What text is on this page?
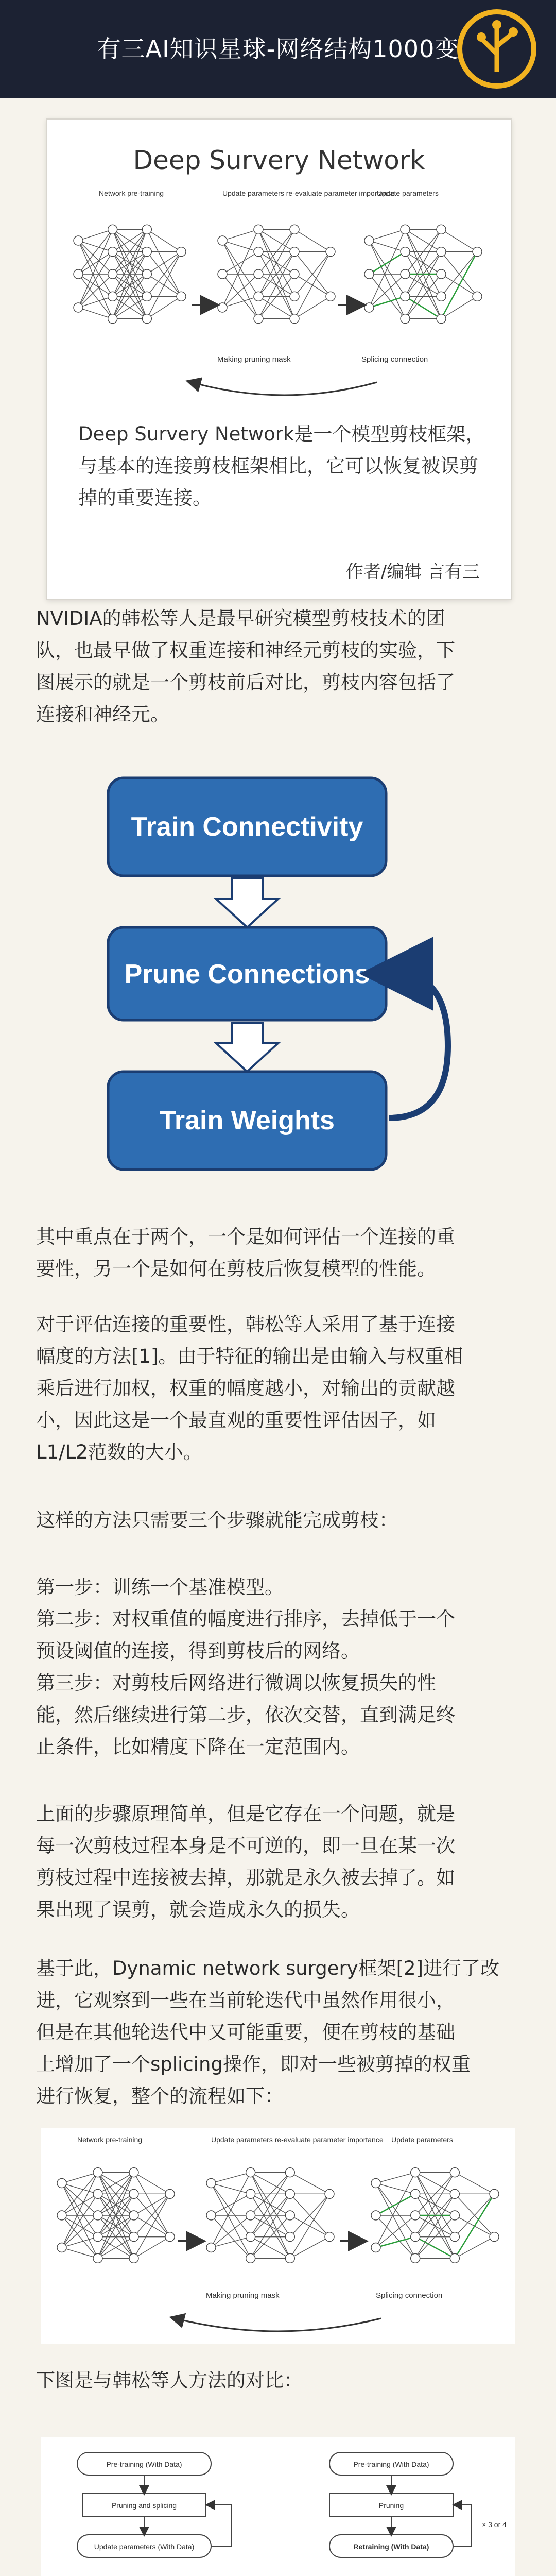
有三AI知识星球-网络结构1000变
Deep Survery Network
Network pre-training	Update parameters re-evaluate parameter importance
Update parameters
Making pruning mask	Splicing connection
Deep Survery Network是一个模型剪枝框架，
与基本的连接剪枝框架相比，它可以恢复被误剪
掉的重要连接。
作者/编辑 言有三
NVIDIA的韩松等人是最早研究模型剪枝技术的团
队，也最早做了权重连接和神经元剪枝的实验，下
图展示的就是一个剪枝前后对比，剪枝内容包括了
连接和神经元。
Train Connectivity
Prune Connections
Train Weights
其中重点在于两个，一个是如何评估一个连接的重
要性，另一个是如何在剪枝后恢复模型的性能。
对于评估连接的重要性，韩松等人采用了基于连接
幅度的方法[1]。由于特征的输出是由输入与权重相
乘后进行加权，权重的幅度越小，对输出的贡献越
小，因此这是一个最直观的重要性评估因子，如
L1/L2范数的大小。
这样的方法只需要三个步骤就能完成剪枝：
第一步：训练一个基准模型。
第二步：对权重值的幅度进行排序，去掉低于一个
预设阈值的连接，得到剪枝后的网络。
第三步：对剪枝后网络进行微调以恢复损失的性
能，然后继续进行第二步，依次交替，直到满足终
止条件，比如精度下降在一定范围内。
上面的步骤原理简单，但是它存在一个问题，就是
每一次剪枝过程本身是不可逆的，即一旦在某一次
剪枝过程中连接被去掉，那就是永久被去掉了。如
果出现了误剪，就会造成永久的损失。
基于此，Dynamic network surgery框架[2]进行了改
进，它观察到一些在当前轮迭代中虽然作用很小，
但是在其他轮迭代中又可能重要，便在剪枝的基础
上增加了一个splicing操作，即对一些被剪掉的权重
进行恢复，整个的流程如下：
Network pre-training	Update parameters re-evaluate parameter importance Update parameters
Making pruning mask	Splicing connection
下图是与韩松等人方法的对比：
Pre-training (With Data)
Pruning and splicing
Update parameters (With Data)
Pre-training (With Data)
Pruning
Retraining (With Data)
× 3 or 4
